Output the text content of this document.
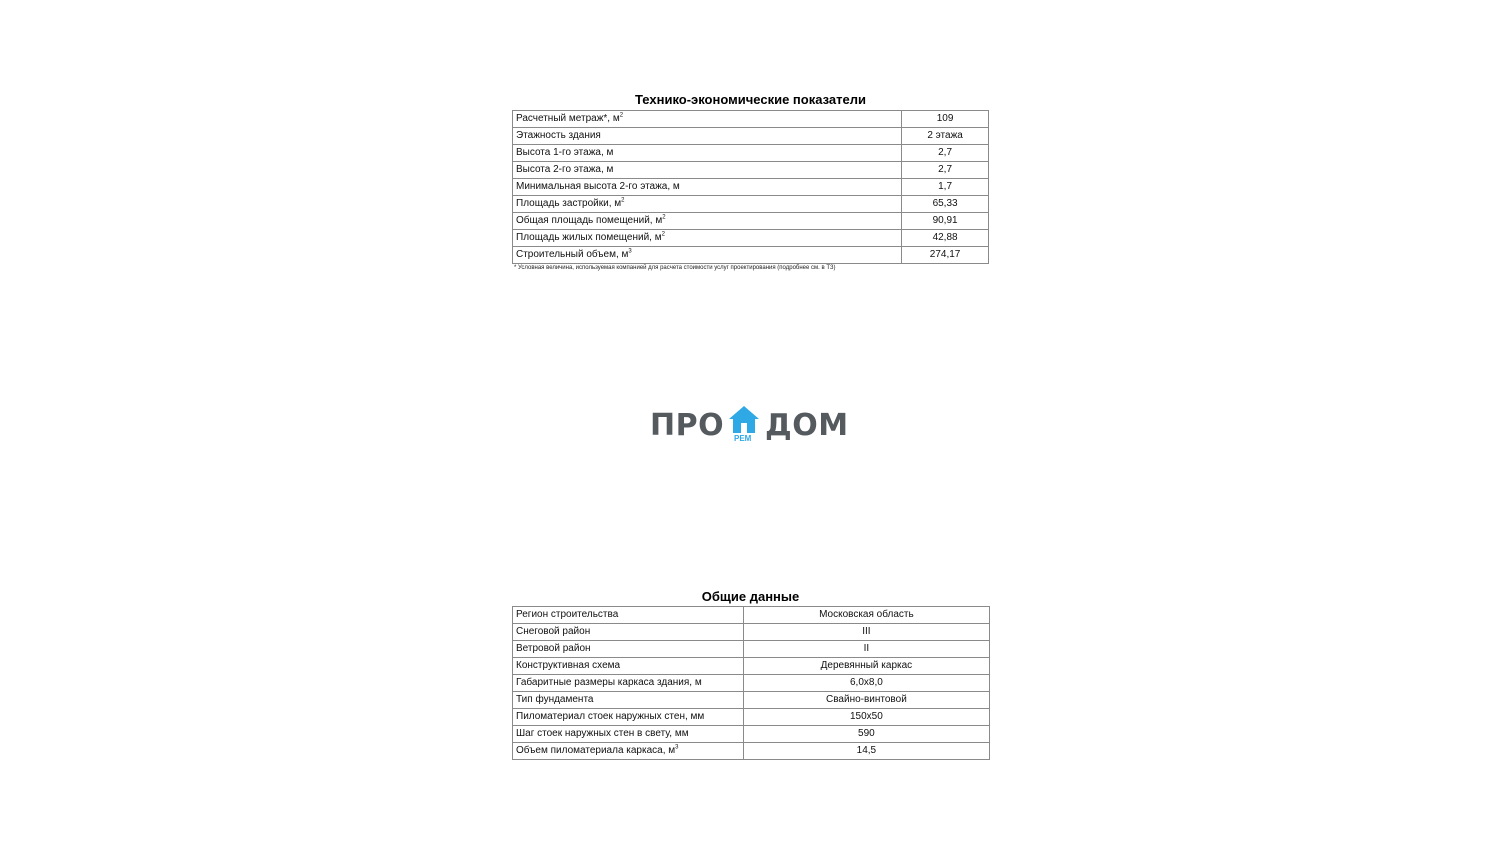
Технико-экономические показатели
Расчетный метраж*, $м^2$	109
Этажность здания	2 этажа
Высота 1-го этажа, м	2,7
Высота 2-го этажа, м	2,7
Минимальная высота 2-го этажа, м	1,7
Площадь застройки, $м^2$	65,33
Общая площадь помещений, $м^2$	90,91
Площадь жилых помещений, $м^2$	42,88
Строительный объем, $м^3$	274,17
* Условная величина, используемая компанией для расчета стоимости услуг проектирования (подробнее см. в ТЗ)
ПРО РЕМ ДОМ
Общие данные
Регион строительства	Московская область
Снеговой район	III
Ветровой район	II
Конструктивная схема	Деревянный каркас
Габаритные размеры каркаса здания, м	6,0х8,0
Тип фундамента	Свайно-винтовой
Пиломатериал стоек наружных стен, мм	150х50
Шаг стоек наружных стен в свету, мм	590
Объем пиломатериала каркаса, $м^3$	14,5
